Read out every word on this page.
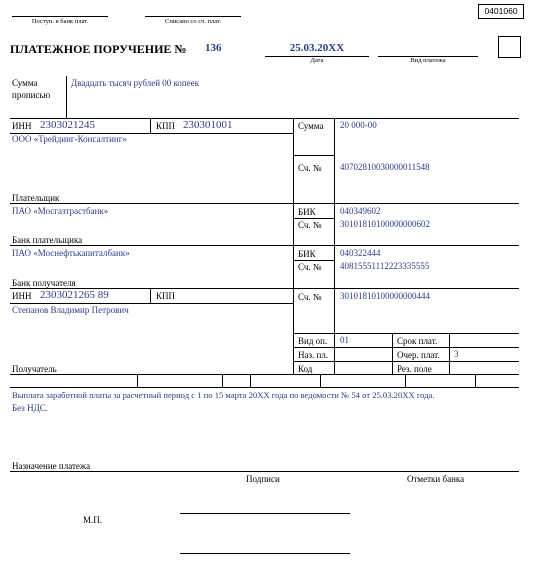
0401060
Поступ. в банк плат.	Списано со сч. плат.
ПЛАТЕЖНОЕ ПОРУЧЕНИЕ № 136	25.03.20XX
Дата	Вид платежа
Сумма
прописью
Двадцать тысяч рублей 00 копеек
ИНН 2303021245	КПП 230301001
ООО «Трейдинг-Консалтинг»
Плательщик
Сумма 20 000-00
Сч. № 40702810030000011548
ПАО «Мосгазтрастбанк»
Банк плательщика
БИК	040349602
Сч. № 30101810100000000602
ПАО «Моснефтькапиталбанк»
Банк получателя
БИК	040322444
Сч. № 40815551112223335555
ИНН 2303021265 89	КПП
Степанов Владимир Петрович
Получатель
Сч. № 30101810100000000444
Вид оп. 01	Срок плат.
Наз. пл.	Очер. плат. 3
Код	Рез. поле
Выплата заработной платы за расчетный период с 1 по 15 марта 20ХХ года по ведомости № 54 от 25.03.20ХХ года.
Без НДС.
Назначение платежа
Подписи	Отметки банка
М.П.
